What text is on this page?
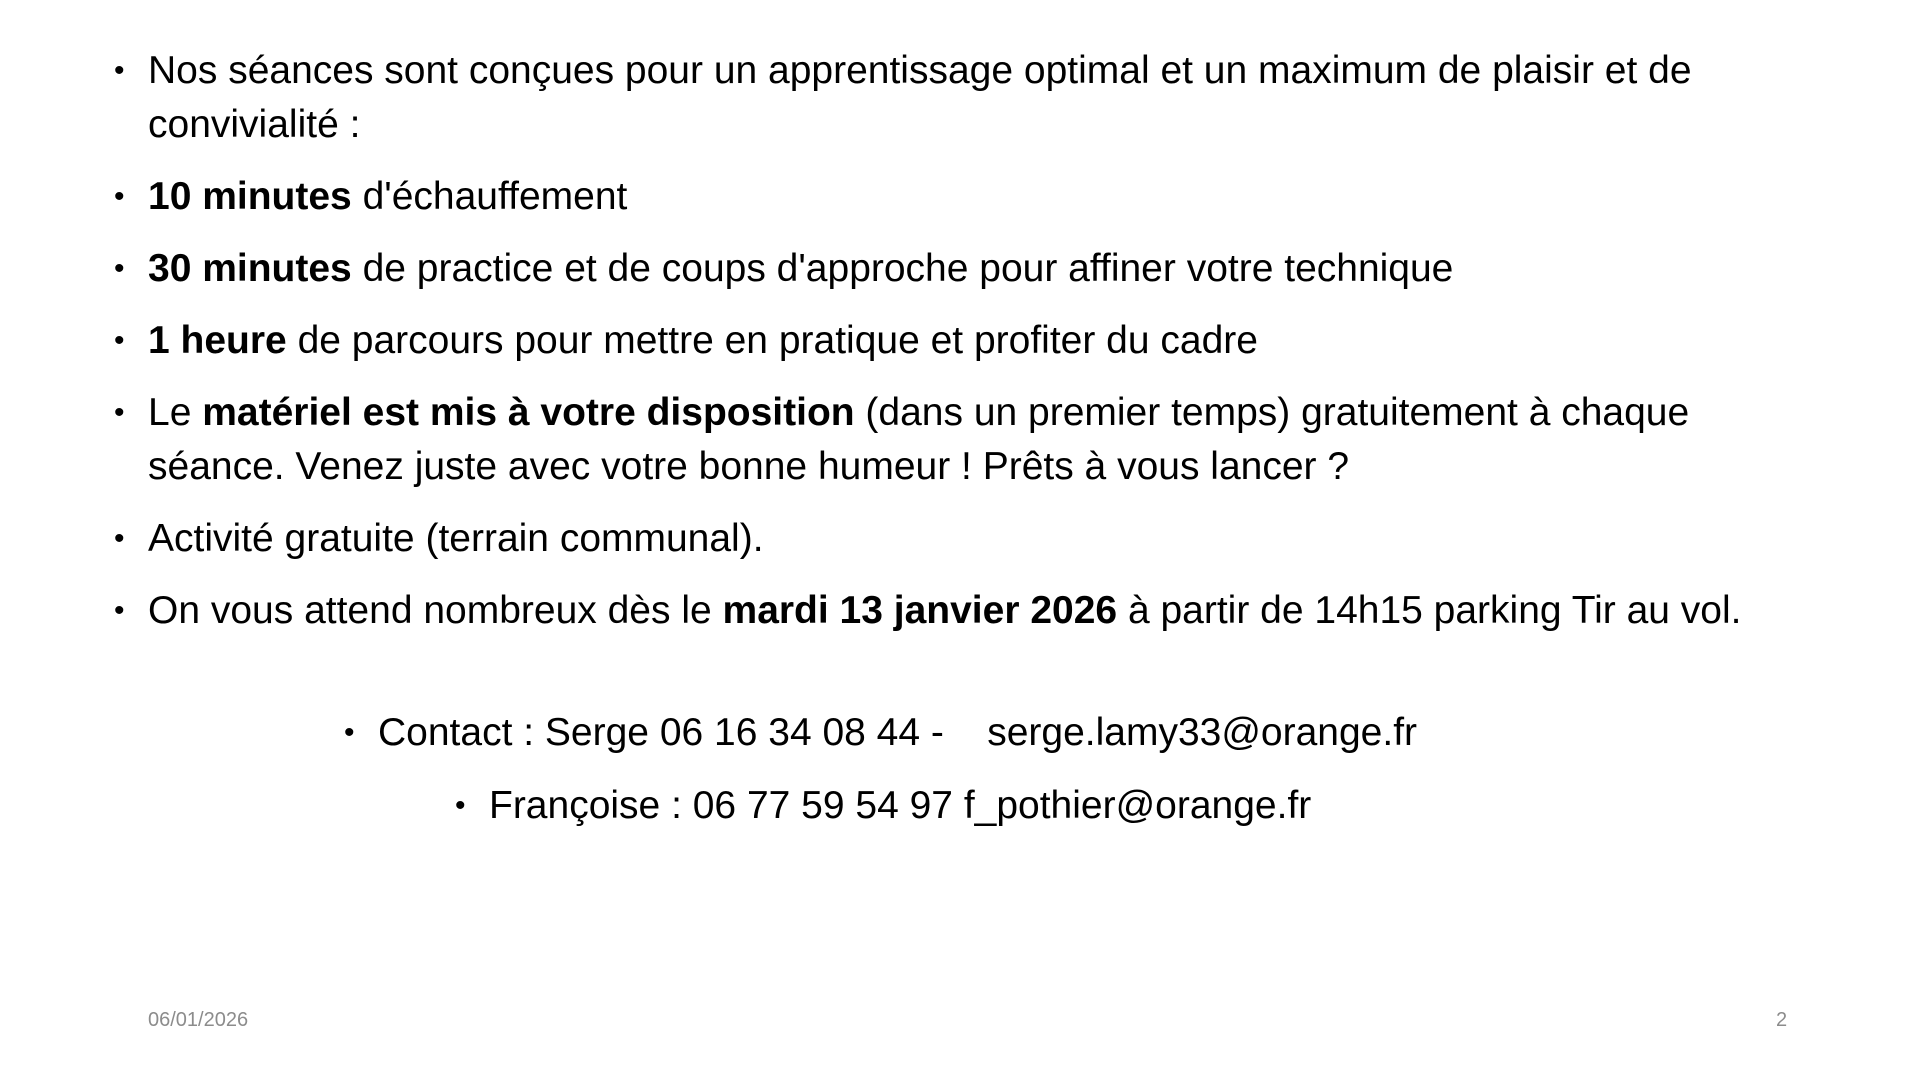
• Nos séances sont conçues pour un apprentissage optimal et un maximum de plaisir et de convivialité :
• 10 minutes d'échauffement
• 30 minutes de practice et de coups d'approche pour affiner votre technique
• 1 heure de parcours pour mettre en pratique et profiter du cadre
• Le matériel est mis à votre disposition (dans un premier temps) gratuitement à chaque séance. Venez juste avec votre bonne humeur ! Prêts à vous lancer ?
• Activité gratuite (terrain communal).
• On vous attend nombreux dès le mardi 13 janvier 2026 à partir de 14h15 parking Tir au vol.
• Contact : Serge 06 16 34 08 44 -    serge.lamy33@orange.fr
• Françoise : 06 77 59 54 97 f_pothier@orange.fr
06/01/2026	2
